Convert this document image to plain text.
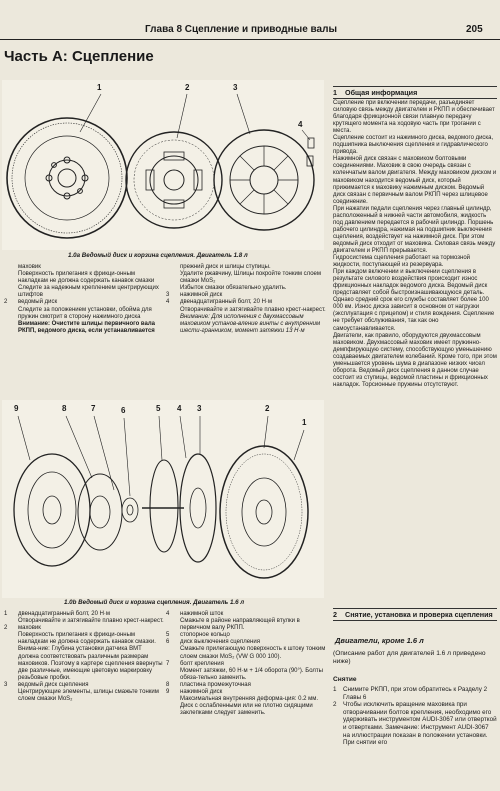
Глава 8 Сцепление и приводные валы	205
Часть А: Сцепление
1	2	3
4
1.0a Ведомый диск и корзина сцепления. Двигатель 1.8 л
маховик
Поверхность прилегания к фрикци-онным накладкам не должна содержать канавок смазки
Следите за надежным креплением центрирующих штифтов
2	ведомый диск
Следите за положением установки, обойма для пружин смотрит в сторону нажимного диска
Внимание: Очистите шлицы первичного вала РКПП, ведомого диска, если устанавливается
прежний диск и шлицы ступицы.
Удалите ржавчину, Шлицы покройте тонким слоем смазки MoS₂
Избыток смазки обязательно удалить.
3	нажимной диск
4	двенадцатигранный болт, 20 Н·м
Отворачивайте и затягивайте плавно крест-накрест.
Внимание: Для исполнения с двухмассовым маховиком установ-вление винты с внутренним шести-гранником, момент затяжки 13 Н·м
9	8	7	6	5 4 3	2
1
1.0b Ведомый диск и корзина сцепления. Двигатель 1.6 л
1	двенадцатигранный болт, 20 Н·м
Отворачивайте и затягивайте плавно крест-накрест.
2	маховик
Поверхность прилегания к фрикци-онным накладкам не должна содержать канавок смазки. Внима-ние: Глубина установки датчика ВМТ должна соответствовать различным размерам маховиков. Поэтому в картере сцепления ввернуты две различные, имеющие цветовую маркировку резьбовые пробки.
3	ведомый диск сцепления
Центрирующие элементы, шлицы смажьте тонким слоем смазки MoS₂
4	нажимной шток
Смажьте в районе направляющей втулки в первичном валу РКПП.
5	стопорное кольцо
6	диск выключения сцепления
Смажьте прилегающую поверхность к штоку тонким слоем смазки MoS₂ (VW G 000 100).
7	болт крепления
Момент затяжки, 60 Н·м + 1/4 оборота (90°). Болты обяза-тельно заменить.
8	пластина промежуточная
9	нажимной диск
Максимальная внутренняя деформа-ция: 0.2 мм. Диск с ослабленными или не плотно сидящими заклепками следует заменить.
1 Общая информация

Сцепление при включении передачи, разъединяет силовую связь между двигателем и РКПП и обеспечивает благодаря фрикционной связи плавную передачу крутящего момента на ходовую часть при трогании с места.

Сцепление состоит из нажимного диска, ведомого диска, подшипника выключения сцепления и гидравлического привода.

Нажимной диск связан с маховиком болтовыми соединениями. Маховик в свою очередь связан с коленчатым валом двигателя. Между маховиком диском и маховиком находится ведомый диск, который прижимается к маховику нажимным диском. Ведомый диск связан с первичным валом РКПП через шлицевое соединение.

При нажатии педали сцепления через главный цилиндр, расположенный в нижней части автомобиля, жидкость под давлением передается в рабочий цилиндр. Поршень рабочего цилиндра, нажимая на подшипник выключения сцепления, воздействует на нажимной диск. При этом ведомый диск отходит от маховика. Силовая связь между двигателем и РКПП прерывается.

Гидросистема сцепления работает на тормозной жидкости, поступающей из резервуара.

При каждом включении и выключении сцепления в результате силового воздействия происходит износ фрикционных накладок ведомого диска. Ведомый диск представляет собой быстроизнашивающуюся деталь. Однако средний срок его службы составляет более 100 000 км. Износ диска зависит в основном от нагрузки (эксплуатация с прицепом) и стиля вождения. Сцепление не требует обслуживания, так как оно самоустанавливается.

Двигатели, как правило, оборудуются двухмассовым маховиком. Двухмассовый маховик имеет пружинно-демпфирующую систему, способствующую уменьшению создаваемых двигателем колебаний. Кроме того, при этом уменьшается уровень шума в диапазоне низких чисел оборота. Ведомый диск сцепления в данном случае состоит из ступицы, ведомой пластины и фрикционных накладок. Торсионные пружины отсутствуют.

2 Снятие, установка и проверка сцепления
Двигатели, кроме 1.6 л
(Описание работ для двигателей 1.6 л приведено ниже)
Снятие
1	Снимите РКПП, при этом обратитесь к Разделу 2 Главы 6
2	Чтобы исключить вращение маховика при отворачивании болтов крепления, необходимо его удерживать инструментом AUDI-3067 или отверткой и отвертками. Замечание: Инструмент AUDI-3067 на иллюстрации показан в положении установки. При снятии его
